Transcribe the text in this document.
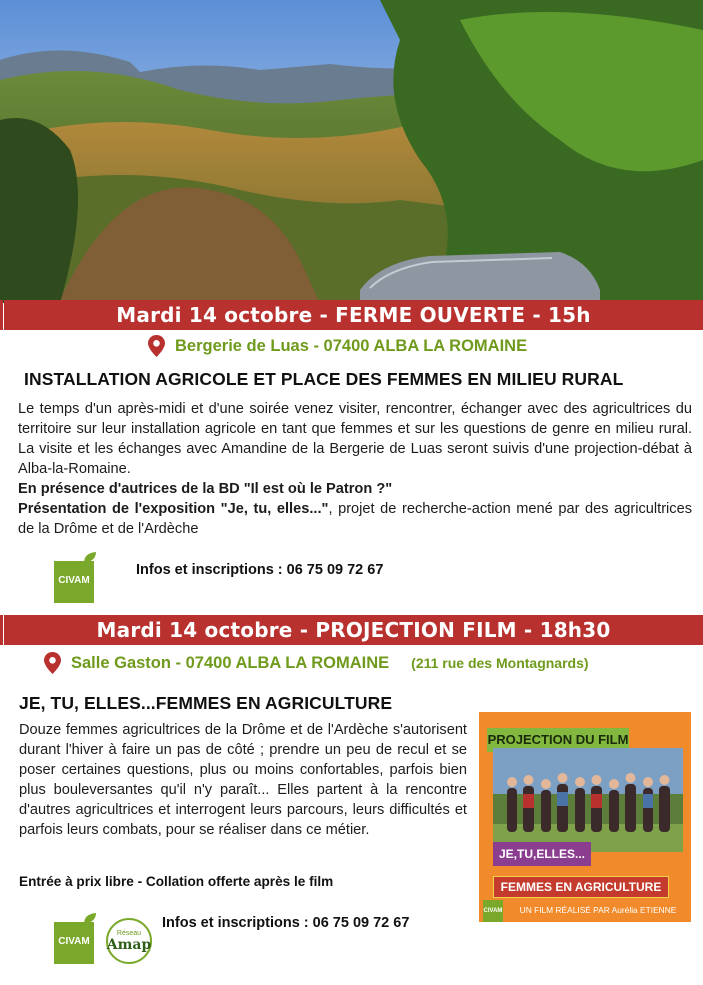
Mardi 14 octobre - FERME OUVERTE - 15h
Bergerie de Luas - 07400 ALBA LA ROMAINE
INSTALLATION AGRICOLE ET PLACE DES FEMMES EN MILIEU RURAL
Le temps d'un après-midi et d'une soirée venez visiter, rencontrer, échanger avec des agricultrices du territoire sur leur installation agricole en tant que femmes et sur les questions de genre en milieu rural. La visite et les échanges avec Amandine de la Bergerie de Luas seront suivis d'une projection-débat à Alba-la-Romaine.
En présence d'autrices de la BD "Il est où le Patron ?"
Présentation de l'exposition "Je, tu, elles...", projet de recherche-action mené par des agricultrices de la Drôme et de l'Ardèche
CIVAM
Infos et inscriptions : 06 75 09 72 67
Mardi 14 octobre - PROJECTION FILM - 18h30
Salle Gaston - 07400 ALBA LA ROMAINE (211 rue des Montagnards)
JE, TU, ELLES...FEMMES EN AGRICULTURE
Douze femmes agricultrices de la Drôme et de l'Ardèche s'autorisent durant l'hiver à faire un pas de côté ; prendre un peu de recul et se poser certaines questions, plus ou moins confortables, parfois bien plus bouleversantes qu'il n'y paraît... Elles partent à la rencontre d'autres agricultrices et interrogent leurs parcours, leurs difficultés et parfois leurs combats, pour se réaliser dans ce métier.
Entrée à prix libre - Collation offerte après le film
CIVAM
Réseau
Amap
Infos et inscriptions : 06 75 09 72 67
PROJECTION DU FILM
JE,TU,ELLES...
FEMMES EN AGRICULTURE
CIVAM	UN FILM RÉALISÉ PAR Aurélia ETIENNE
